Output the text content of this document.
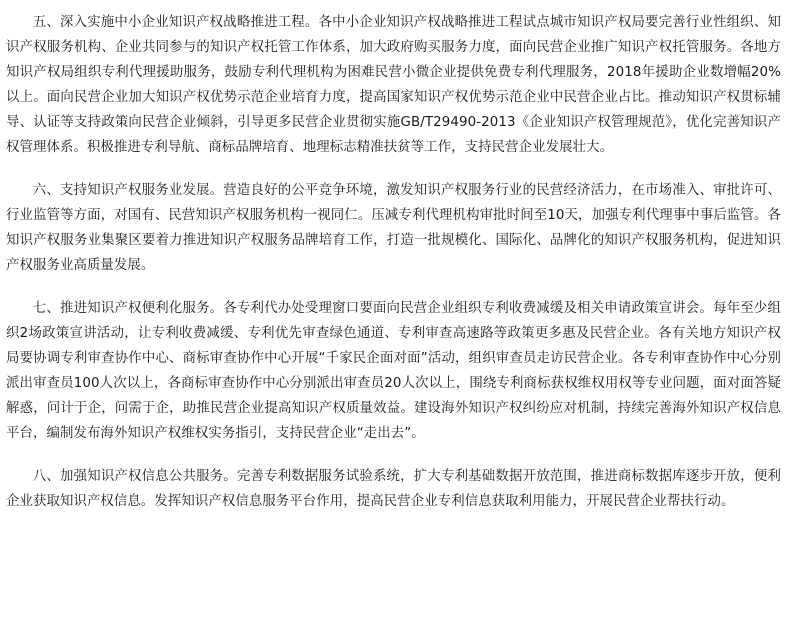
五、深入实施中小企业知识产权战略推进工程。各中小企业知识产权战略推进工程试点城市知识产权局要完善行业性组织、知识产权服务机构、企业共同参与的知识产权托管工作体系，加大政府购买服务力度，面向民营企业推广知识产权托管服务。各地方知识产权局组织专利代理援助服务，鼓励专利代理机构为困难民营小微企业提供免费专利代理服务，2018年援助企业数增幅20%以上。面向民营企业加大知识产权优势示范企业培育力度，提高国家知识产权优势示范企业中民营企业占比。推动知识产权贯标辅导、认证等支持政策向民营企业倾斜，引导更多民营企业贯彻实施GB/T29490-2013《企业知识产权管理规范》，优化完善知识产权管理体系。积极推进专利导航、商标品牌培育、地理标志精准扶贫等工作，支持民营企业发展壮大。

六、支持知识产权服务业发展。营造良好的公平竞争环境，激发知识产权服务行业的民营经济活力，在市场准入、审批许可、行业监管等方面，对国有、民营知识产权服务机构一视同仁。压减专利代理机构审批时间至10天，加强专利代理事中事后监管。各知识产权服务业集聚区要着力推进知识产权服务品牌培育工作，打造一批规模化、国际化、品牌化的知识产权服务机构，促进知识产权服务业高质量发展。

七、推进知识产权便利化服务。各专利代办处受理窗口要面向民营企业组织专利收费减缓及相关申请政策宣讲会。每年至少组织2场政策宣讲活动，让专利收费减缓、专利优先审查绿色通道、专利审查高速路等政策更多惠及民营企业。各有关地方知识产权局要协调专利审查协作中心、商标审查协作中心开展“千家民企面对面”活动，组织审查员走访民营企业。各专利审查协作中心分别派出审查员100人次以上，各商标审查协作中心分别派出审查员20人次以上，围绕专利商标获权维权用权等专业问题，面对面答疑解惑，问计于企，问需于企，助推民营企业提高知识产权质量效益。建设海外知识产权纠纷应对机制，持续完善海外知识产权信息平台，编制发布海外知识产权维权实务指引，支持民营企业“走出去”。

八、加强知识产权信息公共服务。完善专利数据服务试验系统，扩大专利基础数据开放范围，推进商标数据库逐步开放，便利企业获取知识产权信息。发挥知识产权信息服务平台作用，提高民营企业专利信息获取利用能力，开展民营企业帮扶行动。
